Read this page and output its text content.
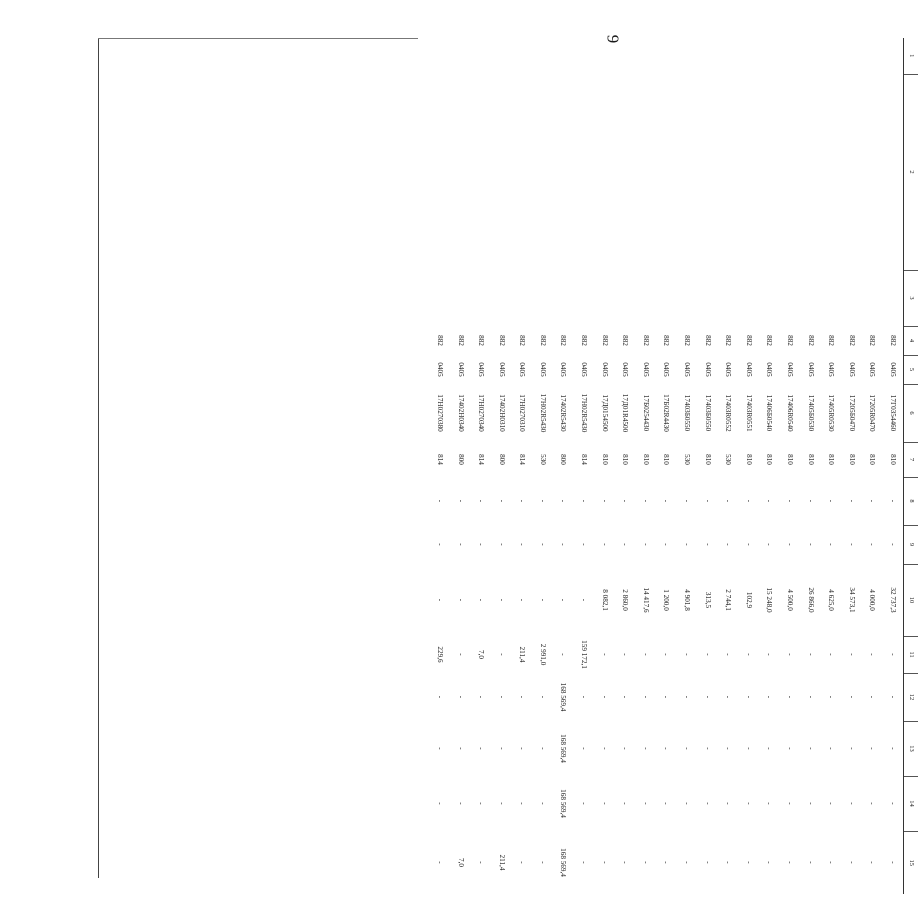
9
1	2	3	4	5	6	7	8	9	10	11	12	13	14	15
			882	0405	17Г0354460	810	-	-	32 737,3	-	-	-	-	-
			882	0405	17205R0470	810	-	-	4 000,0	-	-	-	-	-
			882	0405	17205Б0470	810	-	-	34 573,1	-	-	-	-	-
			882	0405	17405R0530	810	-	-	4 625,0	-	-	-	-	-
			882	0405	17405Б0530	810	-	-	26 866,0	-	-	-	-	-
			882	0405	17406R0540	810	-	-	4 500,0	-	-	-	-	-
			882	0405	17406Б0540	810	-	-	15 248,0	-	-	-	-	-
			882	0405	17403R0551	810	-	-	102,9	-	-	-	-	-
			882	0405	17403R0552	530	-	-	2 744,1	-	-	-	-	-
			882	0405	17403Б0550	810	-	-	313,5	-	-	-	-	-
			882	0405	17403Б0550	530	-	-	4 901,8	-	-	-	-	-
			882	0405	17Б02R4430	810	-	-	1 200,0	-	-	-	-	-
			882	0405	17Б0254430	810	-	-	14 417,6	-	-	-	-	-
			882	0405	17Д01R4500	810	-	-	2 860,0	-	-	-	-	-
			882	0405	17Д0154500	810	-	-	8 082,1	-	-	-	-	-
			882	0405	17Н02R5430	814	-	-	-	159 172,1	-	-	-	-
			882	0405	17402R5430	800	-	-	-	-	168 569,4	168 569,4	168 569,4	168 569,4
			882	0405	17Н02R5430	530	-	-	-	2 991,0	-	-	-	-
			882	0405	17Н0270310	814	-	-	-	211,4	-	-	-	-
			882	0405	17402Н0310	800	-	-	-	-	-	-	-	211,4
			882	0405	17Н0270340	814	-	-	-	7,0	-	-	-	-
			882	0405	17402Н0340	800	-	-	-	-	-	-	-	7,0
			882	0405	17Н0270380	814	-	-	-	229,6	-	-	-	-
